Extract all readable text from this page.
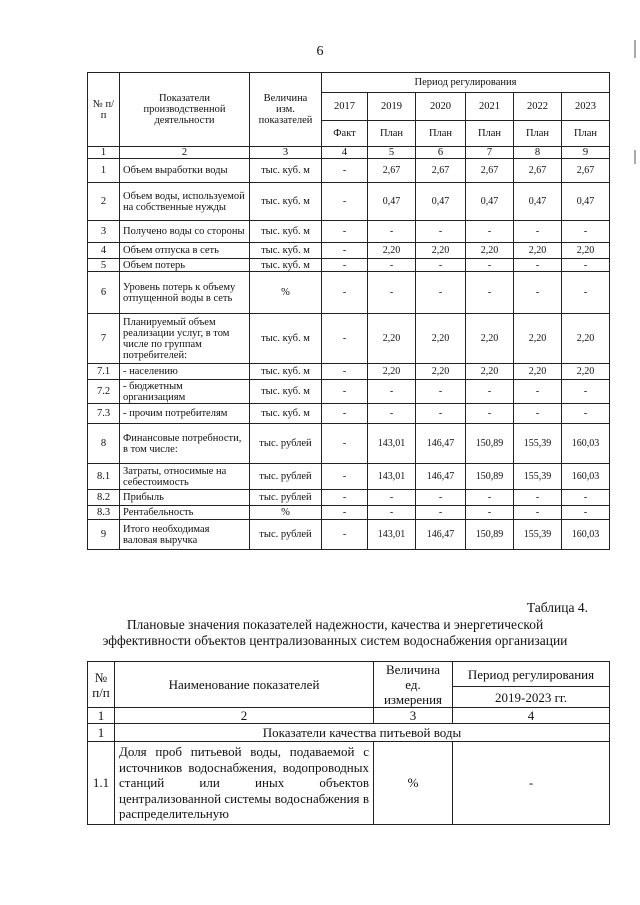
6
№ п/п	Показатели производственной деятельности	Величина изм. показателей	Период регулирования					
			2017	2019	2020	2021	2022	2023
			Факт	План	План	План	План	План
1	2	3	4	5	6	7	8	9
1	Объем выработки воды	тыс. куб. м	-	2,67	2,67	2,67	2,67	2,67
2	Объем воды, используемой на собственные нужды	тыс. куб. м	-	0,47	0,47	0,47	0,47	0,47
3	Получено воды со стороны	тыс. куб. м	-	-	-	-	-	-
4	Объем отпуска в сеть	тыс. куб. м	-	2,20	2,20	2,20	2,20	2,20
5	Объем потерь	тыс. куб. м	-	-	-	-	-	-
6	Уровень потерь к объему отпущенной воды в сеть	%	-	-	-	-	-	-
7	Планируемый объем реализации услуг, в том числе по группам потребителей:	тыс. куб. м	-	2,20	2,20	2,20	2,20	2,20
7.1	- населению	тыс. куб. м	-	2,20	2,20	2,20	2,20	2,20
7.2	- бюджетным организациям	тыс. куб. м	-	-	-	-	-	-
7.3	- прочим потребителям	тыс. куб. м	-	-	-	-	-	-
8	Финансовые потребности, в том числе:	тыс. рублей	-	143,01	146,47	150,89	155,39	160,03
8.1	Затраты, относимые на себестоимость	тыс. рублей	-	143,01	146,47	150,89	155,39	160,03
8.2	Прибыль	тыс. рублей	-	-	-	-	-	-
8.3	Рентабельность	%	-	-	-	-	-	-
9	Итого необходимая валовая выручка	тыс. рублей	-	143,01	146,47	150,89	155,39	160,03
Таблица 4.
Плановые значения показателей надежности, качества и энергетической
эффективности объектов централизованных систем водоснабжения организации
№ п/п	Наименование показателей	Величина ед. измерения	Период регулирования

			2019-2023 гг.
1	2	3	4
1	Показатели качества питьевой воды		
1.1	Доля проб питьевой воды, подаваемой с источников водоснабжения, водопроводных станций или иных объектов централизованной системы водоснабжения в распределительную	%	-
